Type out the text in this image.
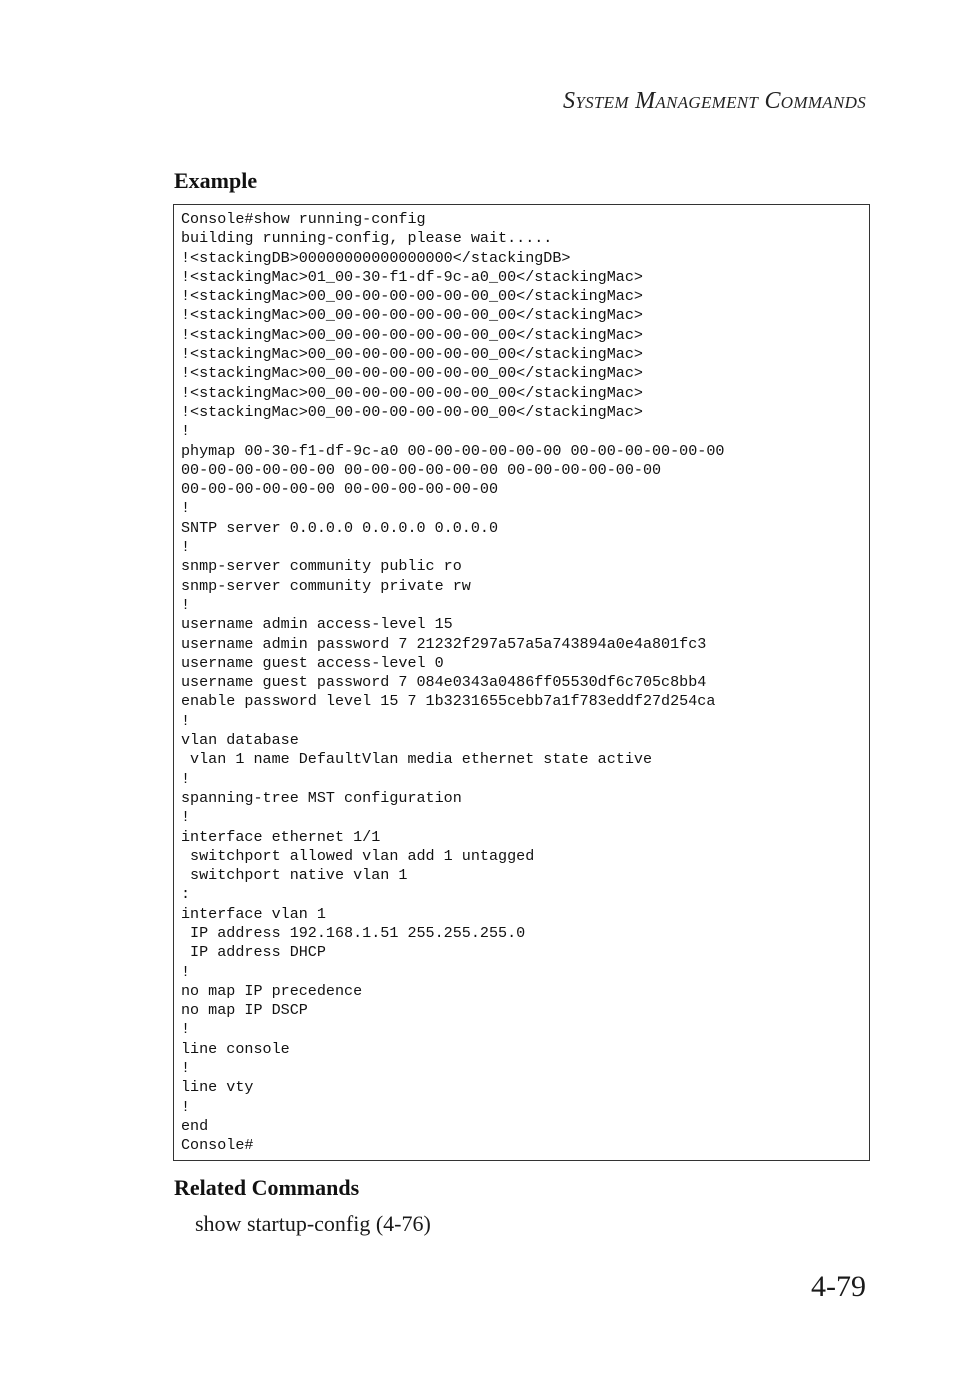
System Management Commands
Example
Console#show running-config
building running-config, please wait.....
!<stackingDB>00000000000000000</stackingDB>
!<stackingMac>01_00-30-f1-df-9c-a0_00</stackingMac>
!<stackingMac>00_00-00-00-00-00-00_00</stackingMac>
!<stackingMac>00_00-00-00-00-00-00_00</stackingMac>
!<stackingMac>00_00-00-00-00-00-00_00</stackingMac>
!<stackingMac>00_00-00-00-00-00-00_00</stackingMac>
!<stackingMac>00_00-00-00-00-00-00_00</stackingMac>
!<stackingMac>00_00-00-00-00-00-00_00</stackingMac>
!<stackingMac>00_00-00-00-00-00-00_00</stackingMac>
!
phymap 00-30-f1-df-9c-a0 00-00-00-00-00-00 00-00-00-00-00-00
00-00-00-00-00-00 00-00-00-00-00-00 00-00-00-00-00-00
00-00-00-00-00-00 00-00-00-00-00-00
!
SNTP server 0.0.0.0 0.0.0.0 0.0.0.0
!
snmp-server community public ro
snmp-server community private rw
!
username admin access-level 15
username admin password 7 21232f297a57a5a743894a0e4a801fc3
username guest access-level 0
username guest password 7 084e0343a0486ff05530df6c705c8bb4
enable password level 15 7 1b3231655cebb7a1f783eddf27d254ca
!
vlan database
vlan 1 name DefaultVlan media ethernet state active
!
spanning-tree MST configuration
!
interface ethernet 1/1
switchport allowed vlan add 1 untagged
switchport native vlan 1
:
interface vlan 1
IP address 192.168.1.51 255.255.255.0
IP address DHCP
!
no map IP precedence
no map IP DSCP
!
line console
!
line vty
!
end
Console#
Related Commands
show startup-config (4-76)
4-79
